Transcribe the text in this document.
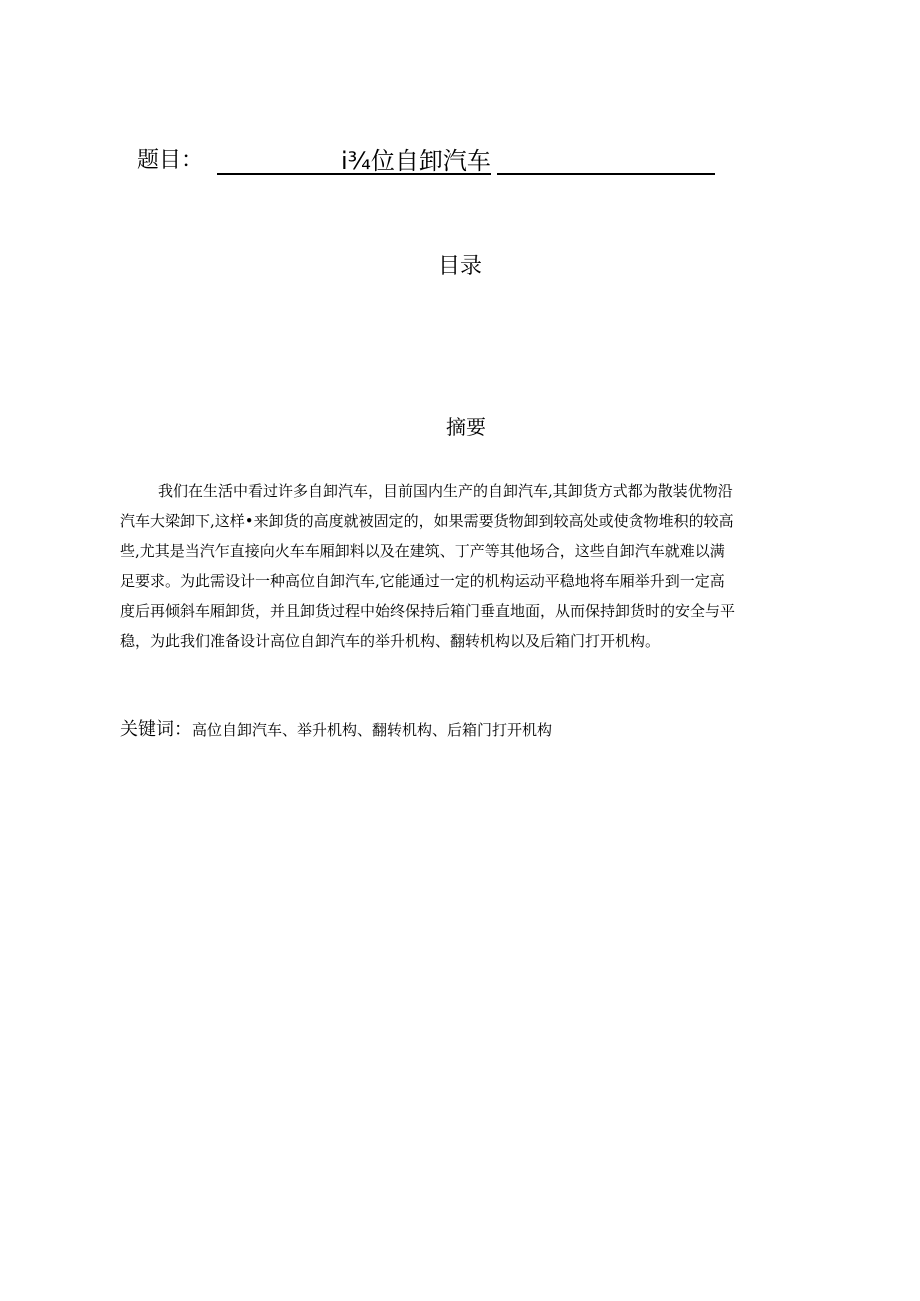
题目：	i¾位自卸汽车
目录
摘要
我们在生活中看过许多自卸汽车，目前国内生产的自卸汽车,其卸货方式都为散装优物沿
汽车大梁卸下,这样•来卸货的高度就被固定的，如果需要货物卸到较高处或使贪物堆积的较高
些,尤其是当汽乍直接向火车车厢卸料以及在建筑、丁产等其他场合，这些自卸汽车就难以满
足要求。为此需设计一种高位自卸汽车,它能通过一定的机构运动平稳地将车厢举升到一定高
度后再倾斜车厢卸货，并且卸货过程中始终保持后箱门垂直地面，从而保持卸货时的安全与平
稳，为此我们准备设计高位自卸汽车的举升机构、翻转机构以及后箱门打开机构。
关键词：高位自卸汽车、举升机构、翻转机构、后箱门打开机构
